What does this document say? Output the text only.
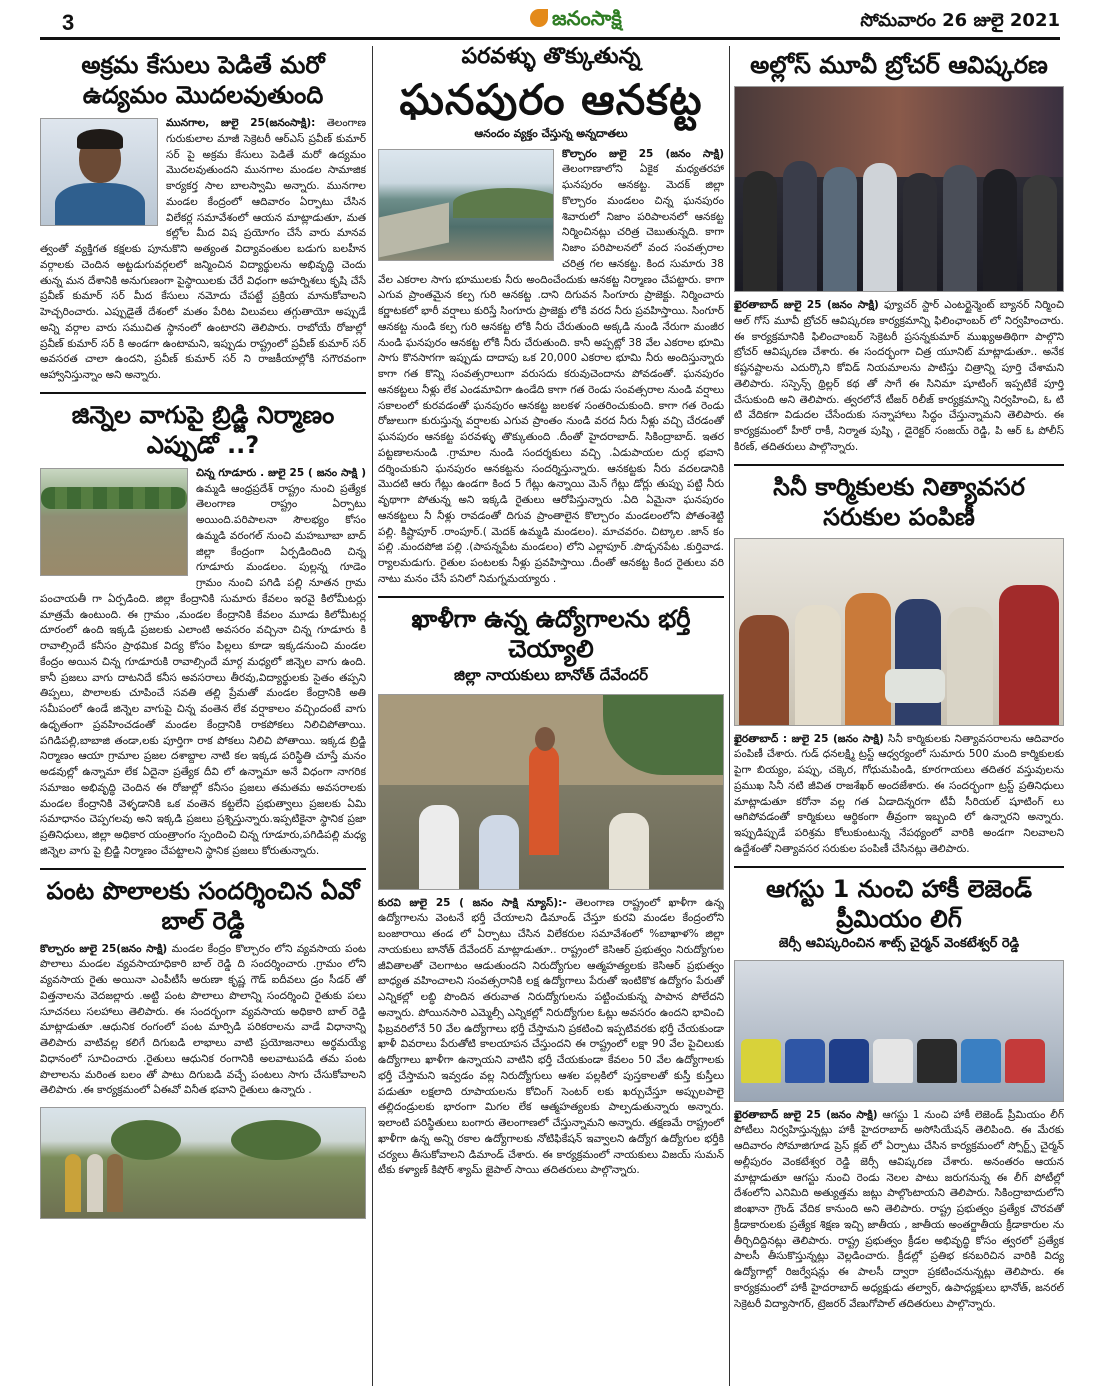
3	జనంసాక్షి	సోమవారం 26 జులై 2021
అక్రమ కేసులు పెడితే మరో ఉద్యమం మొదలవుతుంది

మునగాల, జులై 25(జనంసాక్షి): తెలంగాణ గురుకులాల మాజీ సెక్రెటరీ ఆర్ఎస్ ప్రవీణ్ కుమార్ సర్ పై అక్రమ కేసులు పెడితే మరో ఉద్యమం మొదలవుతుందని మునగాల మండల సామాజిక కార్యకర్త సాల బాలస్వామి అన్నారు. మునగాల మండల కేంద్రంలో ఆదివారం ఏర్పాటు చేసిన విలేకర్ల సమావేశంలో ఆయన మాట్లాడుతూ, మత కల్లోల మీద విష ప్రయోగం చేసే వారు మానవ త్వంతో వ్యక్తిగత కక్షలకు పూనుకొని అత్యంత విద్యావంతుల బడుగు బలహీన వర్గాలకు చెందిన అట్టడుగువర్గలలో జన్మించిన విద్యార్థులను అభివృద్ధి చెందు తున్న మన దేశానికి అనుగుణంగా పైస్థాయిలకు చేరే విధంగా అహర్నిశలు కృషి చేసే ప్రవీణ్ కుమార్ సర్ మీద కేసులు నమోదు చేపట్టే ప్రక్రియ మానుకోవాలని హెచ్చరించారు. ఎప్పుడైతే దేశంలో మతం పేరిట విలువలు తగ్గుతాయో అప్పుడే అన్ని వర్గాల వారు సముచిత స్థానంలో ఉంటారని తెలిపారు. రాబోయే రోజుల్లో ప్రవీణ్ కుమార్ సర్ కి అండగా ఉంటామని, ఇప్పుడు రాష్ట్రంలో ప్రవీణ్ కుమార్ సర్ అవసరత చాలా ఉందని, ప్రవీణ్ కుమార్ సర్ ని రాజకీయాల్లోకి సగౌరవంగా ఆహ్వానిస్తున్నాం అని అన్నారు.

జిన్నెల వాగుపై బ్రిడ్జి నిర్మాణం ఎప్పుడో ..?

చిన్న గూడూరు . జులై 25 ( జనం సాక్షి ) ఉమ్మడి ఆంధ్రప్రదేశ్ రాష్ట్రం నుంచి ప్రత్యేక తెలంగాణ రాష్ట్రం ఏర్పాటు అయింది.పరిపాలనా సౌలభ్యం కోసం ఉమ్మడి వరంగల్ నుంచి మహబూబా బాద్ జిల్లా కేంద్రంగా ఏర్పడిందింది చిన్న గూడూరు మండలం. పుల్లన్న గూడెం గ్రామం నుంచి పగిడి పల్లి నూతన గ్రామ పంచాయతీ గా ఏర్పడింది. జిల్లా కేంద్రానికి సుమారు కేవలం ఇరవై కిలోమీటర్లు మాత్రమే ఉంటుంది. ఈ గ్రామం ,మండల కేంద్రానికి కేవలం మూడు కిలోమీటర్ల దూరంలో ఉంది ఇక్కడి ప్రజలకు ఎలాంటి అవసరం వచ్చినా చిన్న గూడూరు కి రావాల్సిందే కనీసం ప్రాథమిక విద్య కోసం పిల్లలు కూడా ఇక్కడనుంచి మండల కేంద్రం అయిన చిన్న గూడూరుకి రావాల్సిందే మార్గ మధ్యలో జిన్నెల వాగు ఉంది. కానీ ప్రజలు వాగు దాటనిదే కనీస అవసరాలు తీరవు,విద్యార్థులకు సైతం తప్పని తిప్పలు, పొలాలకు చూపించే సవతి తల్లి ప్రేమతో మండల కేంద్రానికి అతి సమీపంలో ఉండే జిన్నెల వాగుపై చిన్న వంతెన లేక వర్షాకాలం వచ్చిందంటే వాగు ఉధృతంగా ప్రవహించడంతో మండల కేంద్రానికి రాకపోకలు నిలిచిపోతాయి. పగిడిపల్లి,బాబాజి తండా,లకు పూర్తిగా రాక పోకలు నిలిచి పోతాయి. ఇక్కడ బ్రిడ్జి నిర్మాణం ఆయా గ్రామాల ప్రజల దశాబ్దాల నాటి కల ఇక్కడ పరిస్థితి చూస్తే మనం అడవుల్లో ఉన్నామా లేక ఏదైనా ప్రత్యేక దీవి లో ఉన్నామా అనే విధంగా నాగరిక సమాజం అభివృద్ధి చెందిన ఈ రోజుల్లో కనీసం ప్రజలు తమతమ అవసరాలకు మండల కేంద్రానికి వెళ్ళడానికి ఒక వంతెన కట్టలేని ప్రభుత్వాలు ప్రజలకు ఏమి సమాధానం చెప్పగలవు అని ఇక్కడి ప్రజలు ప్రశ్నిస్తున్నారు.ఇప్పటికైనా స్థానిక ప్రజా ప్రతినిధులు, జిల్లా అధికార యంత్రాంగం స్పందించి చిన్న గూడూరు,పగిడిపల్లి మధ్య జిన్నెల వాగు పై బ్రిడ్జి నిర్మాణం చేపట్టాలని స్థానిక ప్రజలు కోరుతున్నారు.

పంట పొలాలకు సందర్శించిన ఏవో బాల్ రెడ్డి

కొల్చారం జులై 25(జనం సాక్షి) మండల కేంద్రం కొల్చారం లోని వ్యవసాయ పంట పొలాలు మండల వ్యవసాయాధికారి బాల్ రెడ్డి ది సందర్శించారు .గ్రామం లోని వ్యవసాయ రైతు అయినా ఎంపీటీసీ అరుణా కృష్ణ గౌడ్ ఐదీవలు డ్రం సీడర్ తో విత్తనాలను వెదజల్లారు .అట్టి పంట పొలాలు పొలాన్ని సందర్శించి రైతుకు పలు సూచనలు సలహాలు తెలిపారు. ఈ సందర్భంగా వ్యవసాయ అధికారి బాల్ రెడ్డి మాట్లాడుతూ .ఆధునిక రంగంలో పంట మార్పిడి పరికరాలను వాడే విధానాన్ని తెలిపారు వాటివల్ల కలిగే దిగుబడి లాభాలు వాటి ప్రయోజనాలు అర్థమయ్యే విధానంలో సూచించారు .రైతులు ఆధునిక రంగానికి అలవాటుపడి తమ పంట పొలాలను మరింత బలం తో పాటు దిగుబడి వచ్చే పంటలు సాగు చేసుకోవాలని తెలిపారు .ఈ కార్యక్రమంలో ఏఈవో వినీత భవాని రైతులు ఉన్నారు .

పరవళ్ళు తొక్కుతున్న
ఘనపురం ఆనకట్ట
ఆనందం వ్యక్తం చేస్తున్న అన్నదాతలు

కొల్చారం జులై 25 (జనం సాక్షి) తెలంగాణాలోని ఏకైక మధ్యతరహా ఘనపురం ఆనకట్ట. మెదక్ జిల్లా కొల్చారం మండలం చిన్న ఘనపురం శివారులో నిజాం పరిపాలనలో ఆనకట్ట నిర్మించినట్లు చరిత్ర చెబుతున్నది. కాగా నిజాం పరిపాలనలో వంద సంవత్సరాల చరిత్ర గల ఆనకట్ట. కింద సుమారు 38 వేల ఎకరాల సాగు భూములకు నీరు అందించేందుకు ఆనకట్ట నిర్మాణం చేపట్టారు. కాగా ఎగువ ప్రాంతమైన కల్ప గురి ఆనకట్ట .దాని దిగువన సింగూరు ప్రాజెక్టు. నిర్మించారు కర్ణాటకలో భారీ వర్షాలు కురిస్తే సింగూరు ప్రాజెక్టు లోకి వరద నీరు ప్రవహిస్తాయి. సింగూర్ ఆనకట్ట నుండి కల్ప గురి ఆనకట్ట లోకి నీరు చేరుతుంది అక్కడి నుండి నేరుగా మంజీర నుండి ఘనపురం ఆనకట్ట లోకి నీరు చేరుతుంది. కానీ అప్పట్లో 38 వేల ఎకరాల భూమి సాగు కొనసాగగా ఇప్పుడు దాదాపు ఒక 20,000 ఎకరాల భూమి నీరు అందిస్తున్నారు కాగా గత కొన్ని సంవత్సరాలుగా వరుసదు కరువుచెందాను పోవడంతో. ఘనపురం ఆనకట్టలు నీళ్లు లేక ఎండమావిగా ఉండేది కాగా గత రెండు సంవత్సరాల నుండి వర్షాలు సకాలంలో కురవడంతో ఘనపురం ఆనకట్ట జలకళ సంతరించుకుంది. కాగా గత రెండు రోజులుగా కురుస్తున్న వర్షాలకు ఎగువ ప్రాంతం నుండి వరద నీరు నీళ్లు వచ్చి చేరడంతో ఘనపురం ఆనకట్ట పరవళ్ళు తొక్కుతుంది .దీంతో హైదరాబాద్. సికింద్రాబాద్. ఇతర పట్టణాలనుండి .గ్రామాల నుండి సందర్శకులు వచ్చి .ఏడుపాయల దుర్గ భవాని దర్శించుకుని ఘనపురం ఆనకట్టను సందర్శిస్తున్నారు. ఆనకట్టకు నీరు వదలడానికి మొదటి ఆరు గేట్లు ఉండగా కింద 5 గేట్లు ఉన్నాయి మెన్ గేట్లు డోర్లు తుప్పు పట్టి నీరు వృథాగా పోతున్న అని ఇక్కడి రైతులు ఆరోపిస్తున్నారు .ఏది ఏమైనా ఘనపురం ఆనకట్టలు నీ నీళ్లు రావడంతో దిగువ ప్రాంతాలైన కొల్చారం మండలంలోని పోతంశెట్టి పల్లి. కిష్టాపూర్ .రాంపూర్.( మెదక్ ఉమ్మడి మండలం). మాచవరం. చిట్కాల .జాన్ కం పల్లి .మందపోజి పల్లి .(పాపన్నపేట మండలం) లోని ఎల్లాపూర్ .పొడ్చనపేట .కుర్తివాడ. ర్యాలమడుగు. రైతుల పంటలకు నీళ్లు ప్రవహిస్తాయి .దీంతో ఆనకట్ట కింద రైతులు వరి నాటు మనం చేసే పనిలో నిమగ్నమయ్యారు .

ఖాళీగా ఉన్న ఉద్యోగాలను భర్తీ చెయ్యాలి
జిల్లా నాయకులు బానోత్ దేవేందర్

కురవి జులై 25 ( జనం సాక్షి న్యూస్):- తెలంగాణ రాష్ట్రంలో ఖాళీగా ఉన్న ఉద్యోగాలను వెంటనే భర్తీ చేయాలని డిమాండ్ చేస్తూ కురవి మండల కేంద్రంలోని బంజారాయి తండ లో ఏర్పాటు చేసిన విలేకరుల సమావేశంలో %బాఖాళ% జిల్లా నాయకులు బానోత్ దేవేందర్ మాట్లాడుతూ.. రాష్ట్రంలో కెసిఆర్ ప్రభుత్వం నిరుద్యోగుల జీవితాలతో చెలగాటం ఆడుతుందని నిరుద్యోగుల ఆత్మహత్యలకు కెసిఆర్ ప్రభుత్వం బాధ్యత వహించాలని సంవత్సరానికి లక్ష ఉద్యోగాలు పేరుతో ఇంటికొక ఉద్యోగం పేరుతో ఎన్నికల్లో లబ్ధి పొందిన తరువాత నిరుద్యోగులను పట్టించుకున్న పాపాన పోలేదని అన్నారు. పోయినసారి ఎమ్మెల్సీ ఎన్నికల్లో నిరుద్యోగుల ఓట్లు అవసరం ఉందని భావించి ఫిబ్రవరిలోనే 50 వేల ఉద్యోగాలు భర్తీ చేస్తామని ప్రకటించి ఇప్పటివరకు భర్తీ చేయకుండా ఖాళీ వివరాలు పేరుతోటి కాలయాపన చేస్తుందని ఈ రాష్ట్రంలో లక్షా 90 వేల పైచిలుకు ఉద్యోగాలు ఖాళీగా ఉన్నాయని వాటిని భర్తీ చేయకుండా కేవలం 50 వేల ఉద్యోగాలకు భర్తీ చేస్తామని ఇవ్వడం వల్ల నిరుద్యోగులు ఆశల పల్లకిలో పుస్తకాలతో కుస్తీ కుస్తీలు పడుతూ లక్షలాది రూపాయలను కోచింగ్ సెంటర్ లకు ఖర్చుచేస్తూ అప్పులపాలై తల్లిదండ్రులకు భారంగా మిగల లేక ఆత్మహత్యలకు పాల్పడుతున్నారు అన్నారు. ఇలాంటి పరిస్థితులు బంగారు తెలంగాణలో చేస్తున్నామని అన్నారు. తక్షణమే రాష్ట్రంలో ఖాళీగా ఉన్న అన్ని రకాల ఉద్యోగాలకు నోటిఫికేషన్ ఇవ్వాలని ఉద్యోగ ఉద్యోగుల భర్తీకి చర్యలు తీసుకోవాలని డిమాండ్ చేశారు. ఈ కార్యక్రమంలో నాయకులు విజయ్ సుమన్ టీకు కళ్యాణ్ కిషోర్ శ్యామ్ జైపాల్ సాయి తదితరులు పాల్గొన్నారు.

అల్లోస్ మూవీ బ్రోచర్ ఆవిష్కరణ

ఖైరతాబాద్ జులై 25 (జనం సాక్షి) ఫ్యూచర్ స్టార్ ఎంటర్టైన్మెంట్ బ్యానర్ నిర్మించి ఆల్ గోస్ మూవీ బ్రోచర్ ఆవిష్కరణ కార్యక్రమాన్ని ఫిలింఛాంబర్ లో నిర్వహించారు. ఈ కార్యక్రమానికి ఫిలించాంబర్ సెక్రెటరీ ప్రసన్నకుమార్ ముఖ్యఅతిథిగా పాల్గొని బ్రోచర్ ఆవిష్కరణ చేశారు. ఈ సందర్భంగా చిత్ర యూనిట్ మాట్లాడుతూ.. అనేక కష్టనష్టాలను ఎదుర్కొని కోవిడ్ నియమాలను పాటిస్తు చిత్రాన్ని పూర్తి చేశామని తెలిపారు. సస్పెన్స్ థ్రిల్లర్ కథ తో సాగే ఈ సినిమా షూటింగ్ ఇప్పటికే పూర్తి చేసుకుంది అని తెలిపారు. త్వరలోనే టీజర్ రిలీజ్ కార్యక్రమాన్ని నిర్వహించి, ఓ టి టి వేదికగా విడుదల చేసేందుకు సన్నాహాలు సిద్ధం చేస్తున్నామని తెలిపారు. ఈ కార్యక్రమంలో హీరో రాకీ, నిర్మాత పుష్పి , డైరెక్టర్ సంజయ్ రెడ్డి, పి ఆర్ ఓ పోలీస్ కిరణ్, తదితరులు పాల్గొన్నారు.

సినీ కార్మికులకు నిత్యావసర సరుకుల పంపిణీ

ఖైరతాబాద్ : జులై 25 (జనం సాక్షి) సినీ కార్మికులకు నిత్యావసరాలను ఆదివారం పంపిణీ చేశారు. గుడ్ ధనలక్ష్మి ట్రస్ట్ ఆధ్వర్యంలో సుమారు 500 మంది కార్మికులకు పైగా బియ్యం, పప్పు, చక్కెర, గోధుమపిండి, కూరగాయలు తదితర వస్తువులను ప్రముఖ సినీ నటి జీవిత రాజశేఖర్ అందజేశారు. ఈ సందర్భంగా ట్రస్ట్ ప్రతినిధులు మాట్లాడుతూ కరోనా వల్ల గత ఏడాదిన్నరగా టీవీ సీరియల్ షూటింగ్ లు ఆగిపోవడంతో కార్మికులు ఆర్థికంగా తీవ్రంగా ఇబ్బంది లో ఉన్నారని అన్నారు. ఇప్పుడిప్పుడే పరిశ్రమ కోలుకుంటున్న నేపథ్యంలో వారికి అండగా నిలవాలని ఉద్దేశంతో నిత్యావసర సరుకుల పంపిణీ చేసినట్లు తెలిపారు.

ఆగస్టు 1 నుంచి హాకీ లెజెండ్ ప్రీమియం లిగ్
జెర్సీ ఆవిష్కరించిన శాట్స్ చైర్మన్ వెంకటేశ్వర్ రెడ్డి

ఖైరతాబాద్ జులై 25 (జనం సాక్షి) ఆగస్టు 1 నుంచి హాకీ లెజెండ్ ప్రీమియం లీగ్ పోటీలు నిర్వహిస్తున్నట్లు హాకీ హైదరాబాద్ అసోసియేషన్ తెలిపింది. ఈ మేరకు ఆదివారం సోమాజిగూడ ప్రెస్ క్లబ్ లో ఏర్పాటు చేసిన కార్యక్రమంలో స్పోర్ట్స్ చైర్మన్ అల్లీపురం వెంకటేశ్వర రెడ్డి జెర్సీ ఆవిష్కరణ చేశారు. అనంతరం ఆయన మాట్లాడుతూ ఆగస్టు నుంచి రెండు నెలల పాటు జరుగనున్న ఈ లీగ్ పోటీల్లో దేశంలోని ఎనిమిది అత్యుత్తమ జట్లు పాల్గొంటాయని తెలిపారు. సికింద్రాబాదులోని జింఖానా గ్రౌండ్ వేదిక కానుంది అని తెలిపారు. రాష్ట్ర ప్రభుత్వం ప్రత్యేక చొరవతో క్రీడాకారులకు ప్రత్యేక శిక్షణ ఇచ్చి జాతీయ , జాతీయ అంతర్జాతీయ క్రీడాకారుల ను తీర్చిదిద్దినట్లు తెలిపారు. రాష్ట్ర ప్రభుత్వం క్రీడల అభివృద్ధి కోసం త్వరలో ప్రత్యేక పాలసీ తీసుకొస్తున్నట్లు వెల్లడించారు. క్రీడల్లో ప్రతిభ కనబరిచిన వారికి విద్య ఉద్యోగాల్లో రిజర్వేషన్లు ఈ పాలసీ ద్వారా ప్రకటించనున్నట్లు తెలిపారు. ఈ కార్యక్రమంలో హాకీ హైదరాబాద్ అధ్యక్షుడు తల్వార్, ఉపాధ్యక్షులు భానోత్, జనరల్ సెక్రెటరీ విద్యాసాగర్, ట్రెజరర్ వేణుగోపాల్ తదితరులు పాల్గొన్నారు.
